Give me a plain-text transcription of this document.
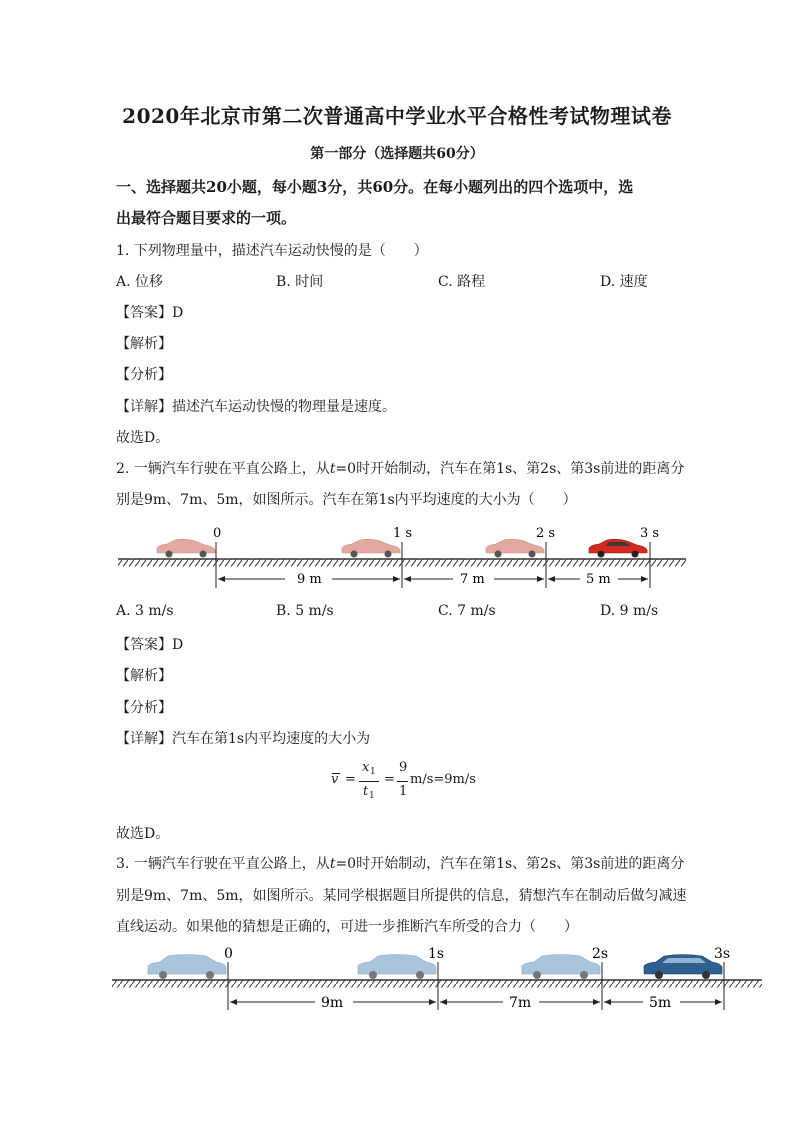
2020年北京市第二次普通高中学业水平合格性考试物理试卷
第一部分（选择题共60分）
一、选择题共20小题，每小题3分，共60分。在每小题列出的四个选项中，选
出最符合题目要求的一项。
1. 下列物理量中，描述汽车运动快慢的是（　　）
A. 位移	B. 时间	C. 路程	D. 速度
【答案】D
【解析】
【分析】
【详解】描述汽车运动快慢的物理量是速度。
故选D。
2. 一辆汽车行驶在平直公路上，从t=0时开始制动，汽车在第1s、第2s、第3s前进的距离分
别是9m、7m、5m，如图所示。汽车在第1s内平均速度的大小为（　　）
0	1 s	2 s	3 s
9 m	7 m	5 m
A. 3 m/s	B. 5 m/s	C. 7 m/s	D. 9 m/s
【答案】D
【解析】
【分析】
【详解】汽车在第1s内平均速度的大小为
v =
x 1
t 1
=
9
1
m/s=9m/s
故选D。
3. 一辆汽车行驶在平直公路上，从t=0时开始制动，汽车在第1s、第2s、第3s前进的距离分
别是9m、7m、5m，如图所示。某同学根据题目所提供的信息，猜想汽车在制动后做匀减速
直线运动。如果他的猜想是正确的，可进一步推断汽车所受的合力（　　）
0	1s	2s	3s
9m	7m	5m
